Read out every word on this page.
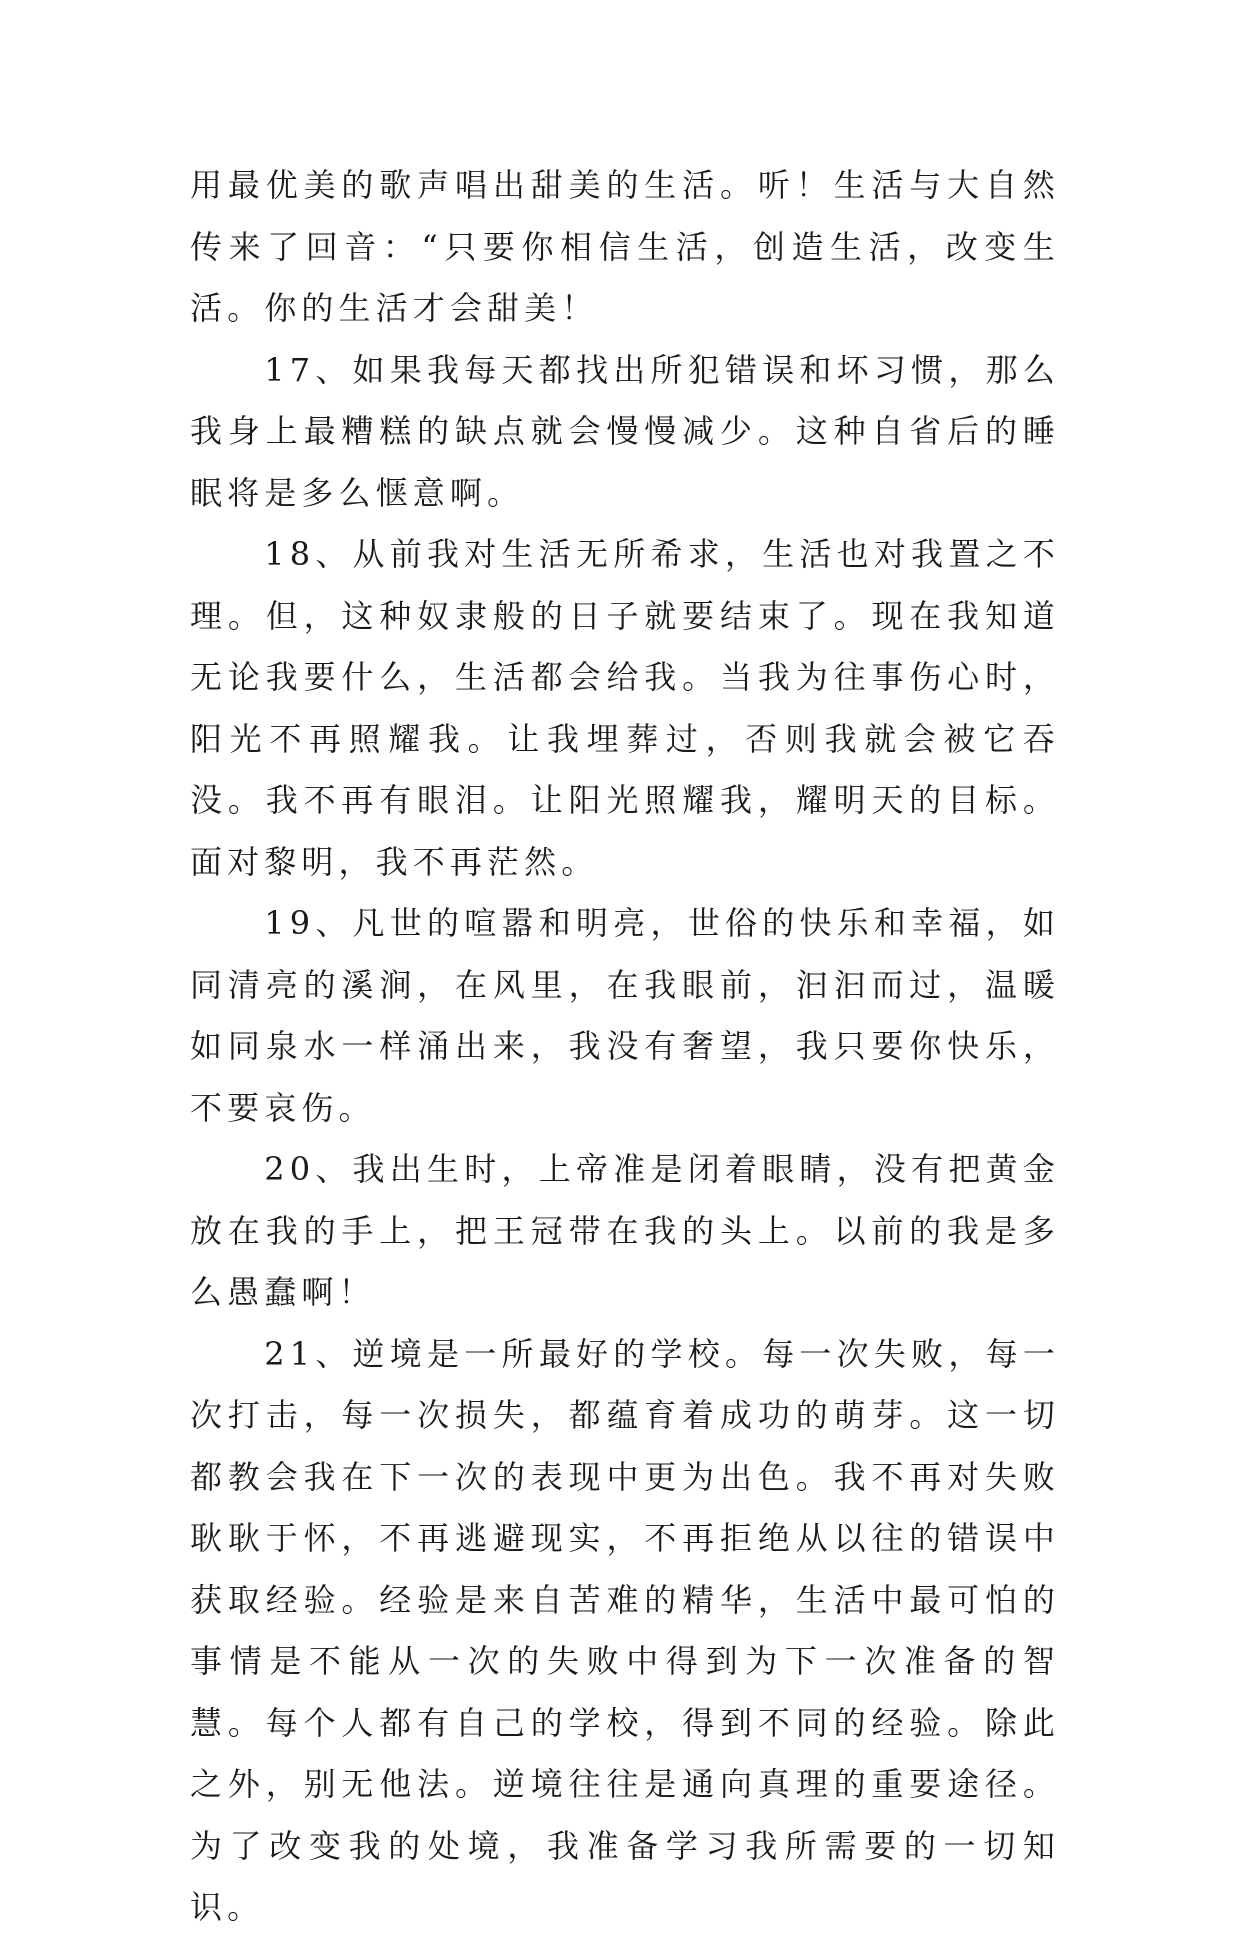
用最优美的歌声唱出甜美的生活。听！生活与大自然传来了回音：“只要你相信生活，创造生活，改变生活。你的生活才会甜美！

17、如果我每天都找出所犯错误和坏习惯，那么我身上最糟糕的缺点就会慢慢减少。这种自省后的睡眠将是多么惬意啊。

18、从前我对生活无所希求，生活也对我置之不理。但，这种奴隶般的日子就要结束了。现在我知道无论我要什么，生活都会给我。当我为往事伤心时，阳光不再照耀我。让我埋葬过，否则我就会被它吞没。我不再有眼泪。让阳光照耀我，耀明天的目标。面对黎明，我不再茫然。

19、凡世的喧嚣和明亮，世俗的快乐和幸福，如同清亮的溪涧，在风里，在我眼前，汩汩而过，温暖如同泉水一样涌出来，我没有奢望，我只要你快乐，不要哀伤。

20、我出生时，上帝准是闭着眼睛，没有把黄金放在我的手上，把王冠带在我的头上。以前的我是多么愚蠢啊！

21、逆境是一所最好的学校。每一次失败，每一次打击，每一次损失，都蕴育着成功的萌芽。这一切都教会我在下一次的表现中更为出色。我不再对失败耿耿于怀，不再逃避现实，不再拒绝从以往的错误中获取经验。经验是来自苦难的精华，生活中最可怕的事情是不能从一次的失败中得到为下一次准备的智慧。每个人都有自己的学校，得到不同的经验。除此之外，别无他法。逆境往往是通向真理的重要途径。为了改变我的处境，我准备学习我所需要的一切知识。
